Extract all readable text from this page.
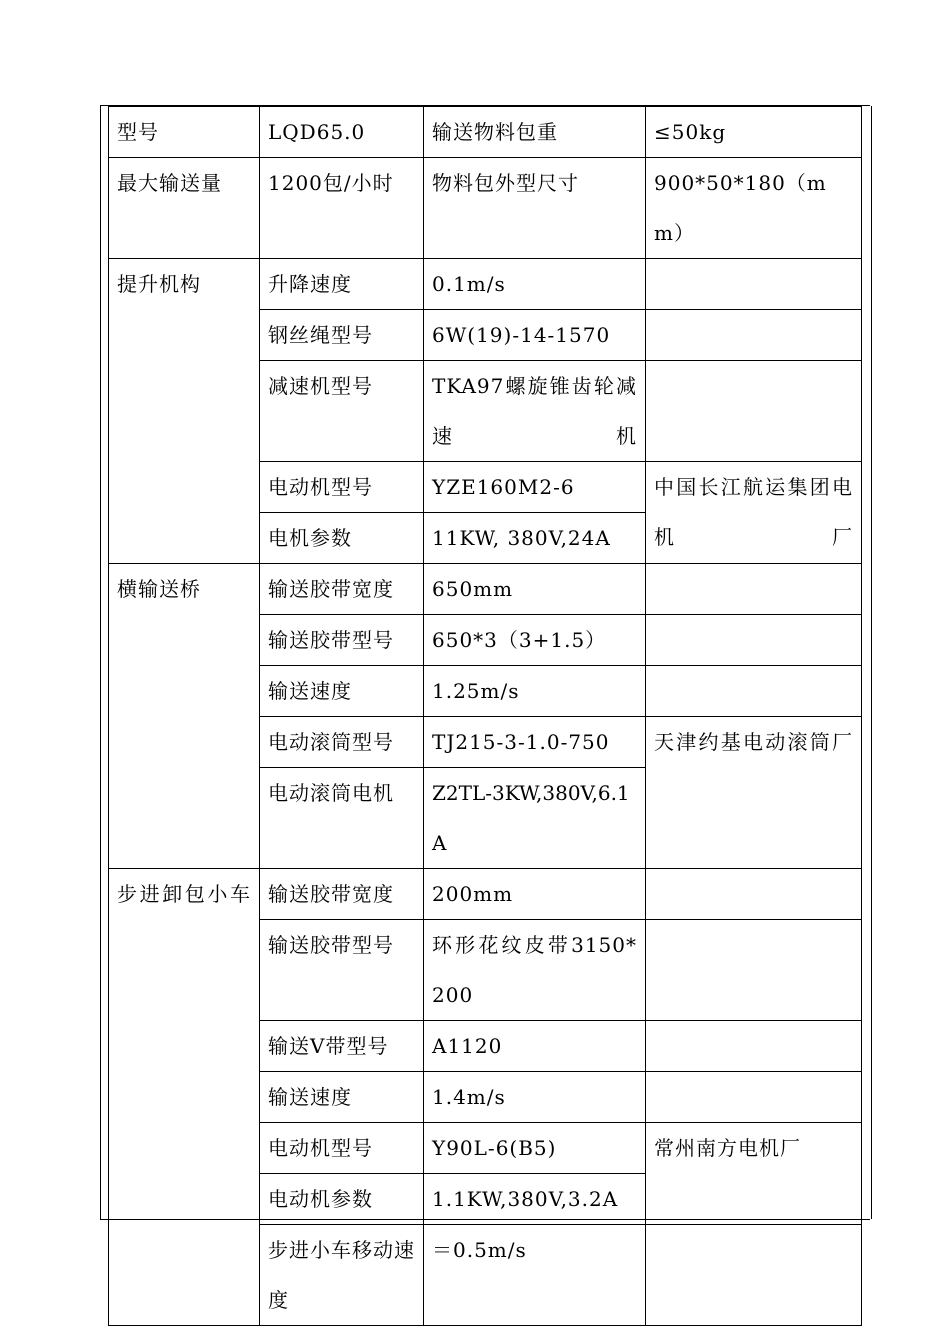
型号	LQD65.0	输送物料包重	≤50kg
最大输送量	1200包/小时	物料包外型尺寸	900*50*180（mm）
提升机构	升降速度	0.1m/s	
	钢丝绳型号	6W(19)-14-1570	
	减速机型号	TKA97螺旋锥齿轮减速机	
	电动机型号	YZE160M2-6	中国长江航运集团电机厂
	电机参数	11KW, 380V,24A	
横输送桥	输送胶带宽度	650mm	
	输送胶带型号	650*3（3+1.5）	
	输送速度	1.25m/s	
	电动滚筒型号	TJ215-3-1.0-750	天津约基电动滚筒厂
	电动滚筒电机	Z2TL-3KW,380V,6.1A	
步进卸包小车	输送胶带宽度	200mm	
	输送胶带型号	环形花纹皮带3150*200	
	输送V带型号	A1120	
	输送速度	1.4m/s	
	电动机型号	Y90L-6(B5)	常州南方电机厂
	电动机参数	1.1KW,380V,3.2A	
	步进小车移动速度	＝0.5m/s	
